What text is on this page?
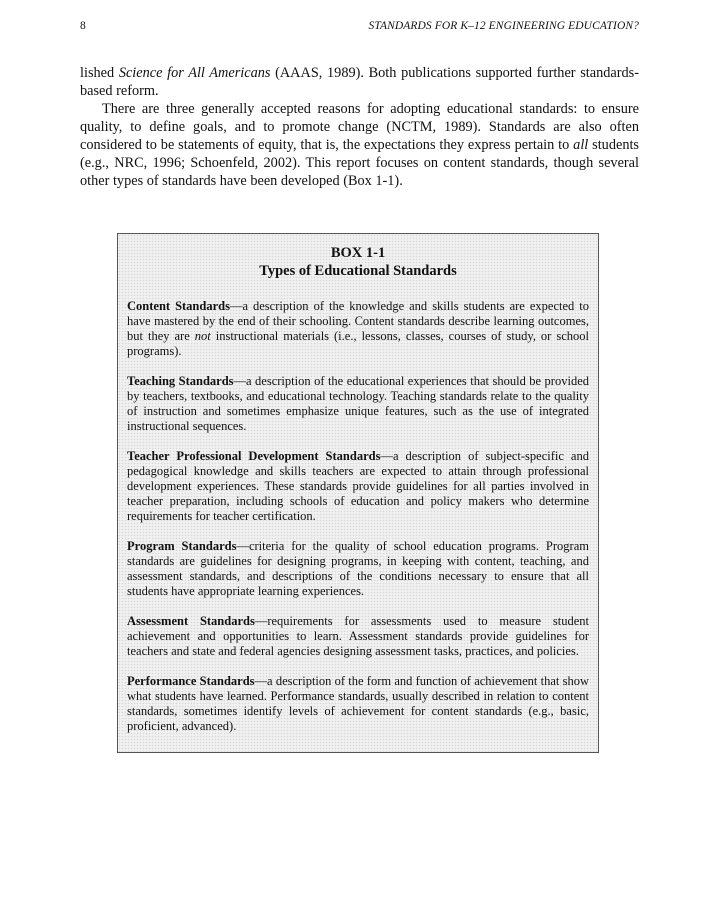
8	STANDARDS FOR K–12 ENGINEERING EDUCATION?

lished Science for All Americans (AAAS, 1989). Both publications supported further standards-based reform.

There are three generally accepted reasons for adopting educational standards: to ensure quality, to define goals, and to promote change (NCTM, 1989). Standards are also often considered to be statements of equity, that is, the expectations they express pertain to all students (e.g., NRC, 1996; Schoenfeld, 2002). This report focuses on content standards, though several other types of standards have been developed (Box 1-1).

BOX 1-1
Types of Educational Standards

Content Standards—a description of the knowledge and skills students are expected to have mastered by the end of their schooling. Content standards describe learning outcomes, but they are not instructional materials (i.e., lessons, classes, courses of study, or school programs).

Teaching Standards—a description of the educational experiences that should be provided by teachers, textbooks, and educational technology. Teaching standards relate to the quality of instruction and sometimes emphasize unique features, such as the use of integrated instructional sequences.

Teacher Professional Development Standards—a description of subject-specific and pedagogical knowledge and skills teachers are expected to attain through professional development experiences. These standards provide guidelines for all parties involved in teacher preparation, including schools of education and policy makers who determine requirements for teacher certification.

Program Standards—criteria for the quality of school education programs. Program standards are guidelines for designing programs, in keeping with content, teaching, and assessment standards, and descriptions of the conditions necessary to ensure that all students have appropriate learning experiences.

Assessment Standards—requirements for assessments used to measure student achievement and opportunities to learn. Assessment standards provide guidelines for teachers and state and federal agencies designing assessment tasks, practices, and policies.

Performance Standards—a description of the form and function of achievement that show what students have learned. Performance standards, usually described in relation to content standards, sometimes identify levels of achievement for content standards (e.g., basic, proficient, advanced).
